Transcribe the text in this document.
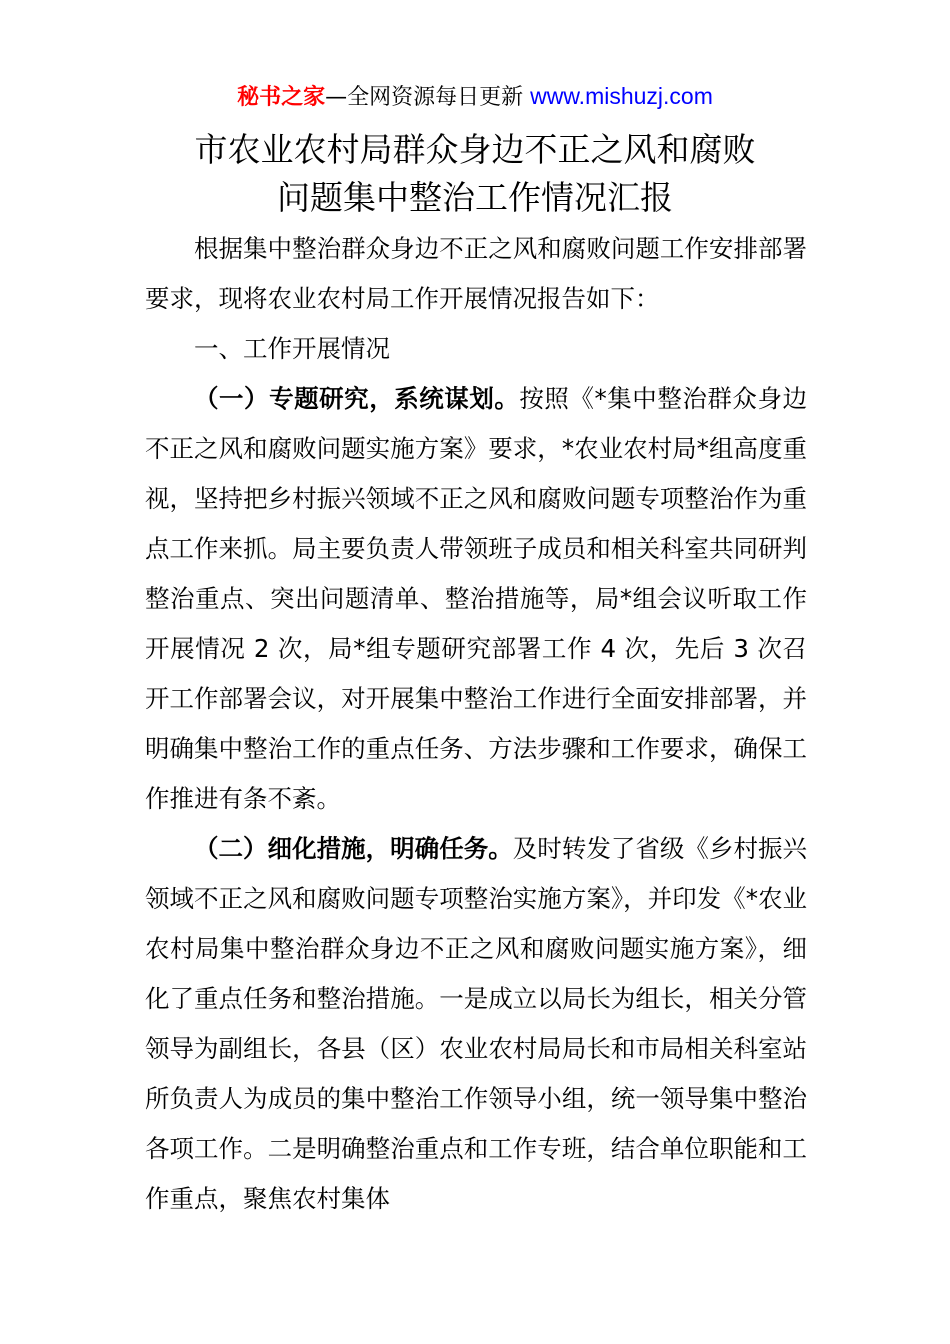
秘书之家—全网资源每日更新 www.mishuzj.com
市农业农村局群众身边不正之风和腐败
问题集中整治工作情况汇报

根据集中整治群众身边不正之风和腐败问题工作安排部署要求，现将农业农村局工作开展情况报告如下：

一、工作开展情况

（一）专题研究，系统谋划。按照《*集中整治群众身边不正之风和腐败问题实施方案》要求，*农业农村局*组高度重视，坚持把乡村振兴领域不正之风和腐败问题专项整治作为重点工作来抓。局主要负责人带领班子成员和相关科室共同研判整治重点、突出问题清单、整治措施等，局*组会议听取工作开展情况 2 次，局*组专题研究部署工作 4 次，先后 3 次召开工作部署会议，对开展集中整治工作进行全面安排部署，并明确集中整治工作的重点任务、方法步骤和工作要求，确保工作推进有条不紊。

（二）细化措施，明确任务。及时转发了省级《乡村振兴领域不正之风和腐败问题专项整治实施方案》，并印发《*农业农村局集中整治群众身边不正之风和腐败问题实施方案》，细化了重点任务和整治措施。一是成立以局长为组长，相关分管领导为副组长，各县（区）农业农村局局长和市局相关科室站所负责人为成员的集中整治工作领导小组，统一领导集中整治各项工作。二是明确整治重点和工作专班，结合单位职能和工作重点，聚焦农村集体
